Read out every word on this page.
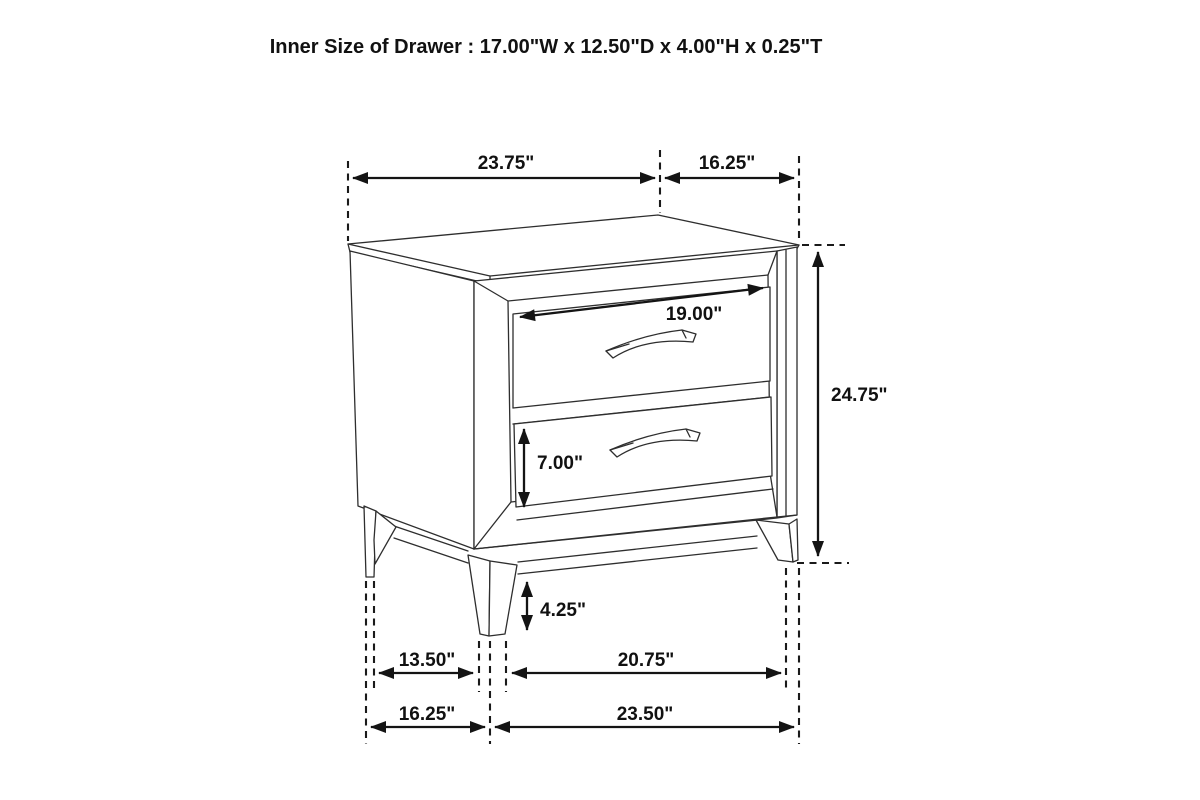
23.75"	16.25"
19.00"
24.75"
7.00"
4.25"
13.50"	20.75"
16.25"	23.50"
Inner Size of Drawer : 17.00"W x 12.50"D x 4.00"H x 0.25"T
